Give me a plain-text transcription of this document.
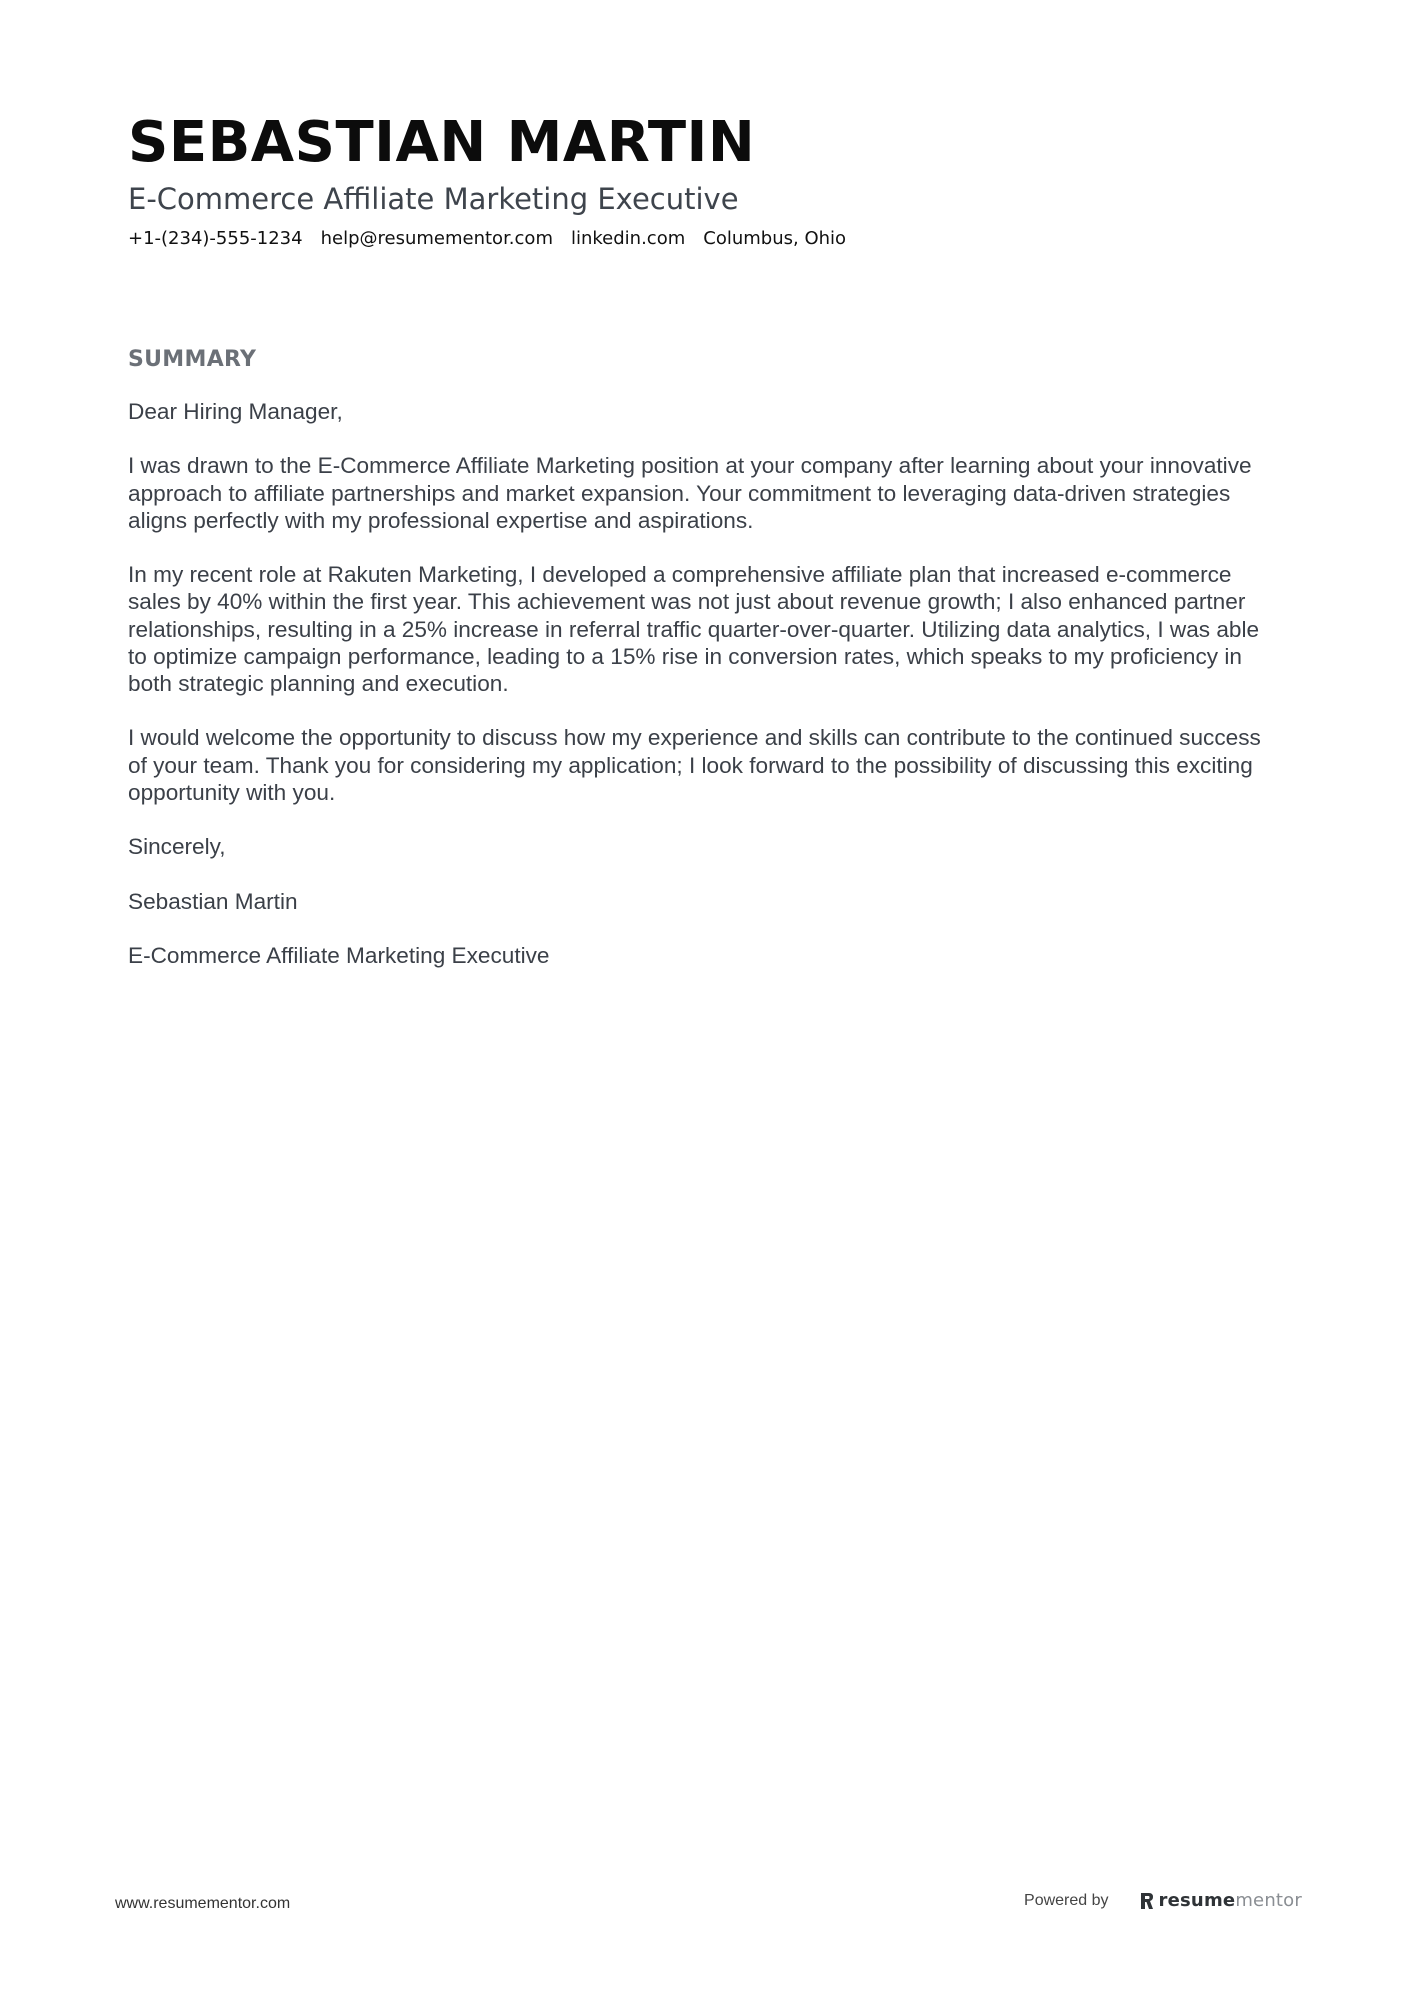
SEBASTIAN MARTIN
E-Commerce Affiliate Marketing Executive
+1-(234)-555-1234 help@resumementor.com linkedin.com Columbus, Ohio
SUMMARY

Dear Hiring Manager,

I was drawn to the E-Commerce Affiliate Marketing position at your company after learning about your innovative approach to affiliate partnerships and market expansion. Your commitment to leveraging data-driven strategies aligns perfectly with my professional expertise and aspirations.

In my recent role at Rakuten Marketing, I developed a comprehensive affiliate plan that increased e-commerce sales by 40% within the first year. This achievement was not just about revenue growth; I also enhanced partner relationships, resulting in a 25% increase in referral traffic quarter-over-quarter. Utilizing data analytics, I was able to optimize campaign performance, leading to a 15% rise in conversion rates, which speaks to my proficiency in both strategic planning and execution.

I would welcome the opportunity to discuss how my experience and skills can contribute to the continued success of your team. Thank you for considering my application; I look forward to the possibility of discussing this exciting opportunity with you.

Sincerely,

Sebastian Martin

E-Commerce Affiliate Marketing Executive

www.resumementor.com	Powered by	resumementor
